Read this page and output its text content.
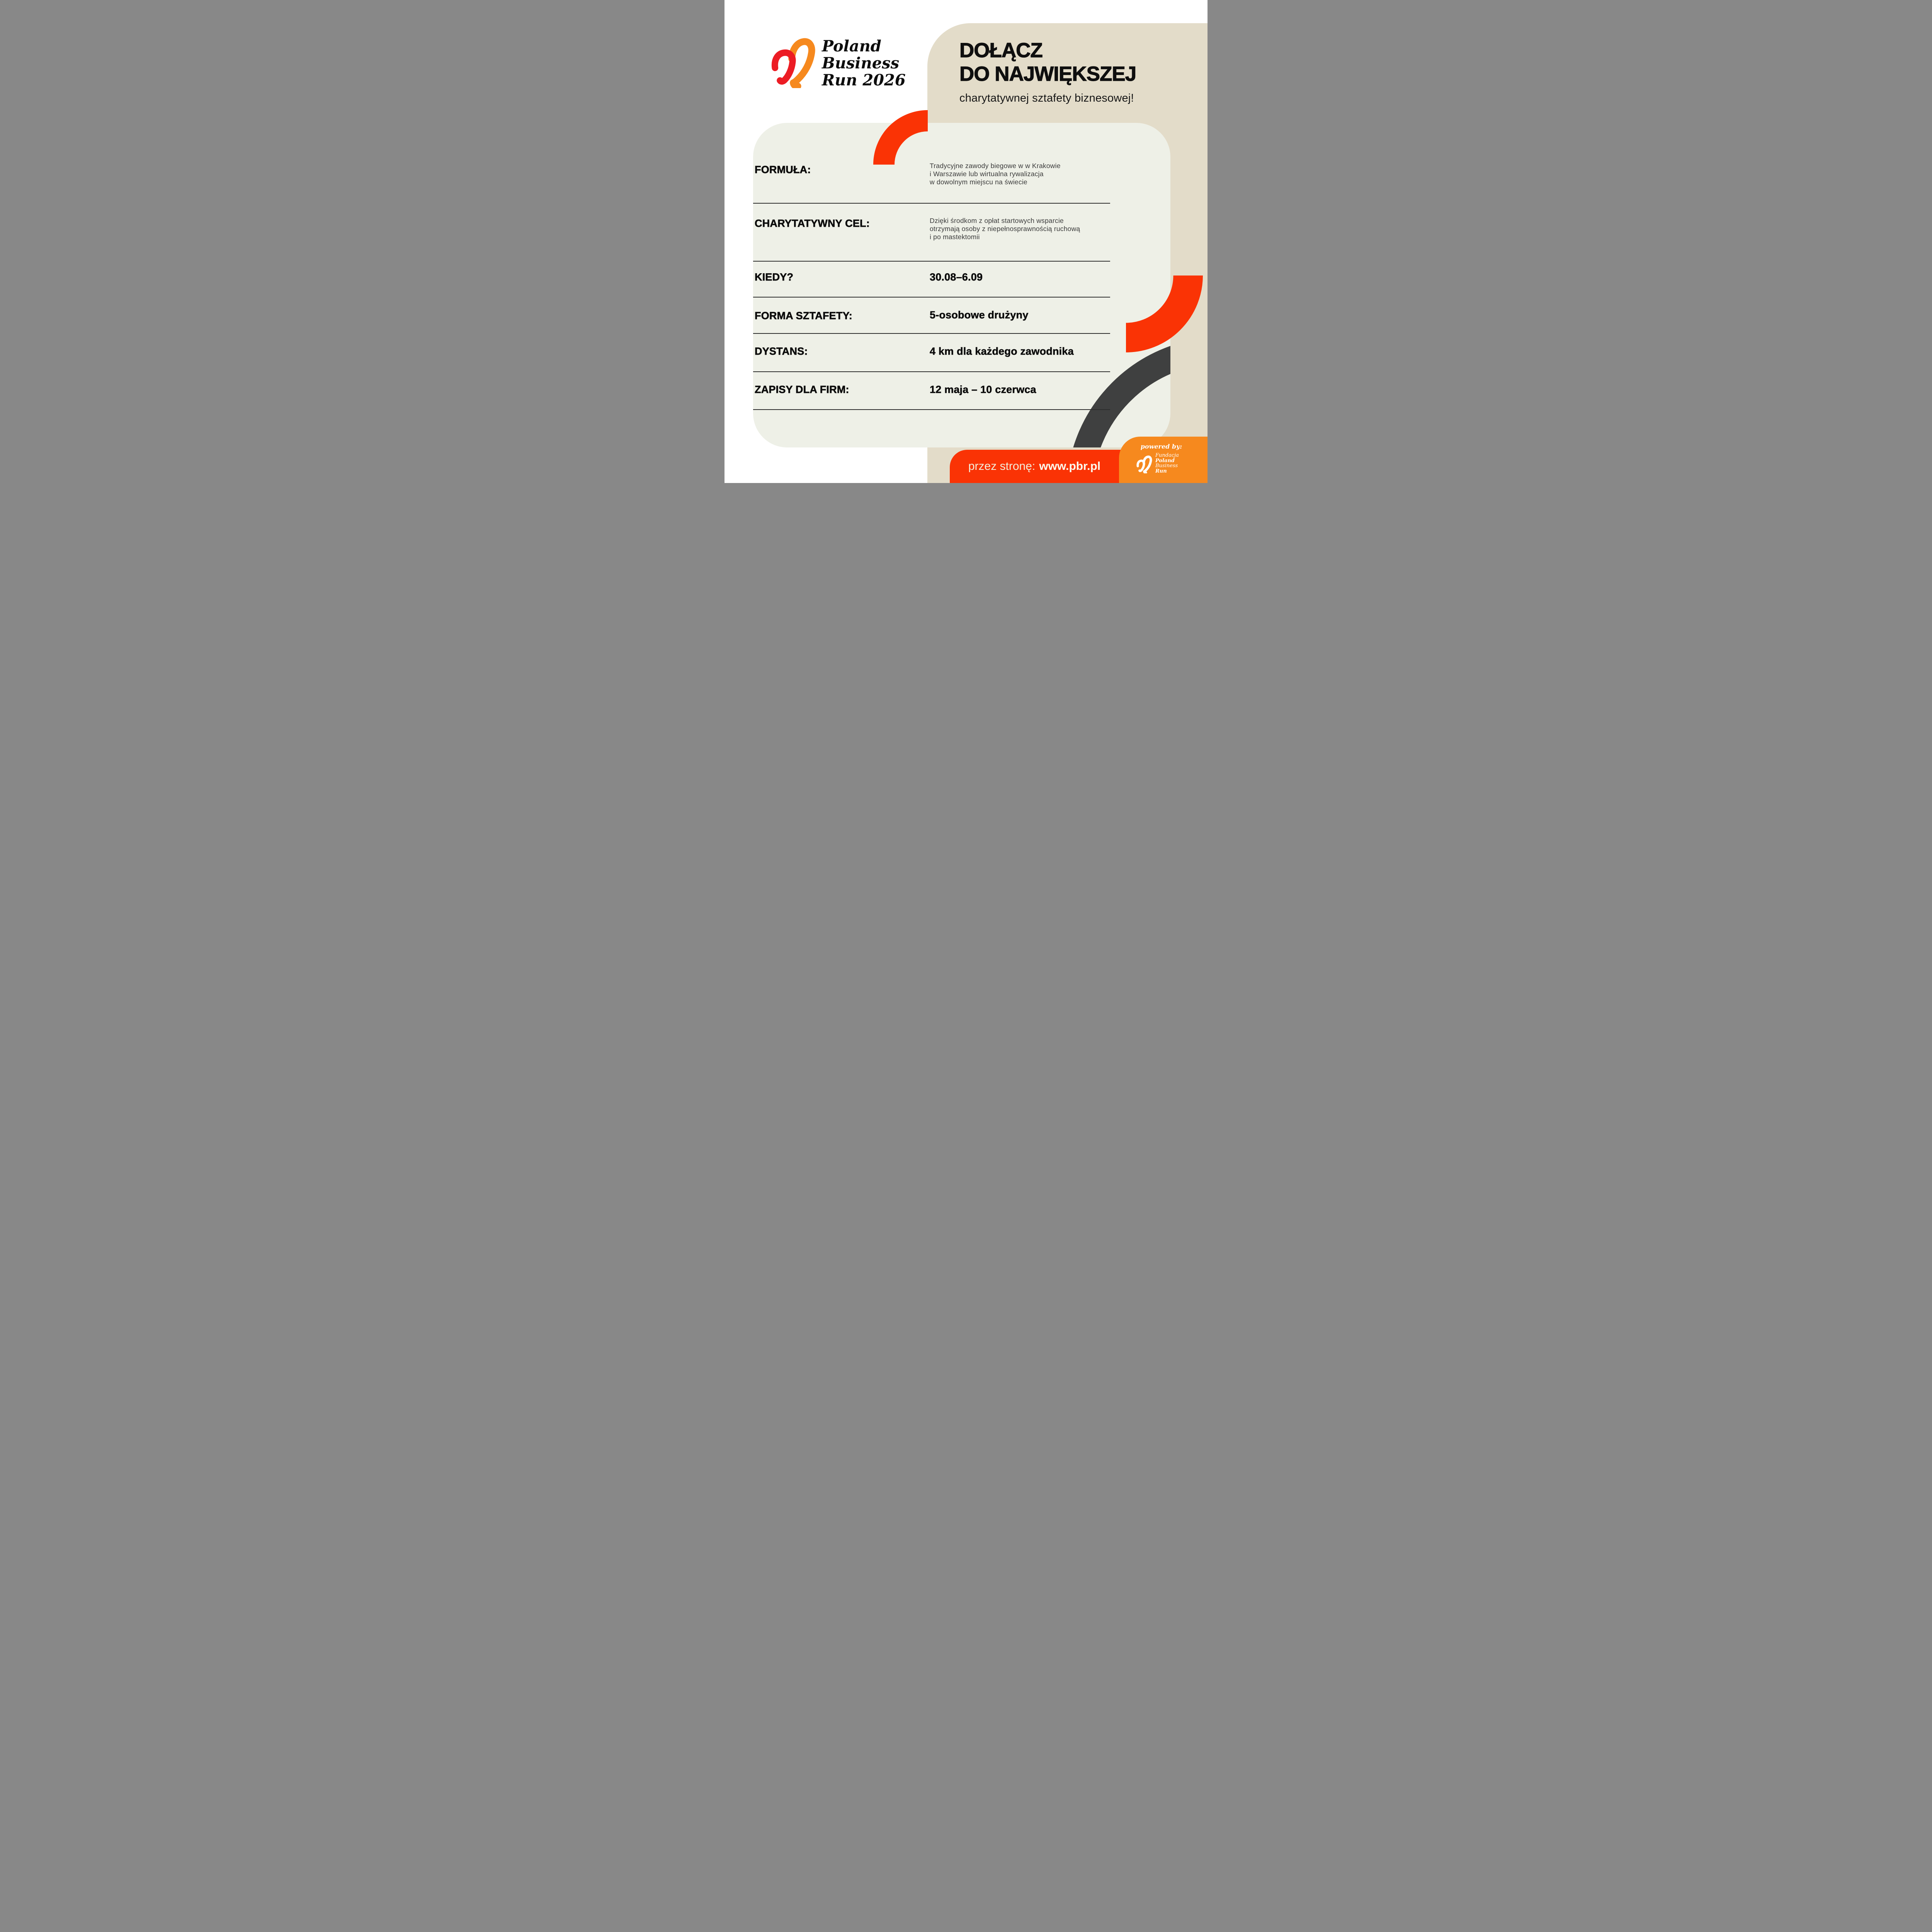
FORMUŁA:	Tradycyjne zawody biegowe w w Krakowie
i Warszawie lub wirtualna rywalizacja
w dowolnym miejscu na świecie
CHARYTATYWNY CEL:	Dzięki środkom z opłat startowych wsparcie
otrzymają osoby z niepełnosprawnością ruchową
i po mastektomii
KIEDY?	30.08–6.09
FORMA SZTAFETY:	5-osobowe drużyny
DYSTANS:	4 km dla każdego zawodnika
ZAPISY DLA FIRM:	12 maja – 10 czerwca
Poland
Business
Run 2026
DOŁĄCZ
DO NAJWIĘKSZEJ
charytatywnej sztafety biznesowej!
przez stronę: www.pbr.pl
powered by:
Fundacja
Poland
Business
Run
